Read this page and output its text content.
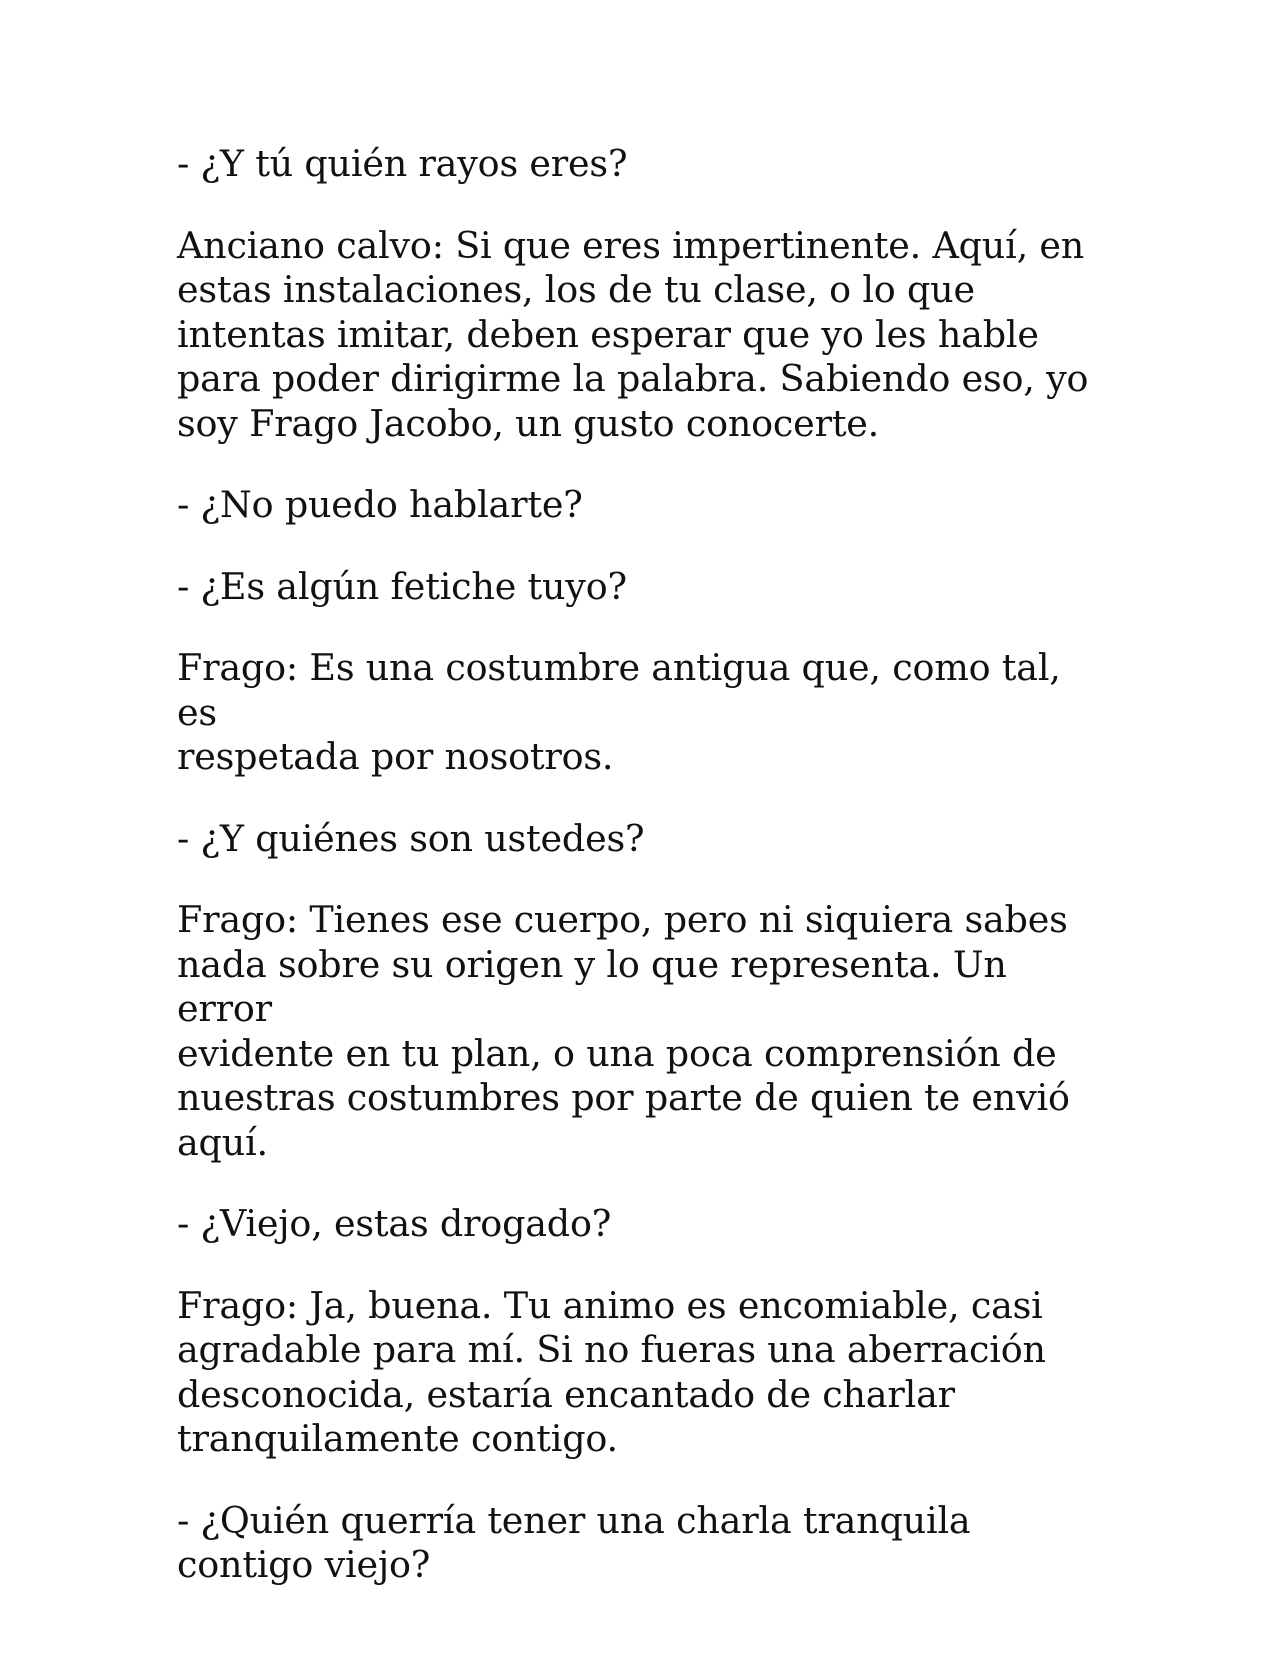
- ¿Y tú quién rayos eres?

Anciano calvo: Si que eres impertinente. Aquí, en
estas instalaciones, los de tu clase, o lo que
intentas imitar, deben esperar que yo les hable
para poder dirigirme la palabra. Sabiendo eso, yo
soy Frago Jacobo, un gusto conocerte.

- ¿No puedo hablarte?

- ¿Es algún fetiche tuyo?

Frago: Es una costumbre antigua que, como tal, es
respetada por nosotros.

- ¿Y quiénes son ustedes?

Frago: Tienes ese cuerpo, pero ni siquiera sabes
nada sobre su origen y lo que representa. Un error
evidente en tu plan, o una poca comprensión de
nuestras costumbres por parte de quien te envió
aquí.

- ¿Viejo, estas drogado?

Frago: Ja, buena. Tu animo es encomiable, casi
agradable para mí. Si no fueras una aberración
desconocida, estaría encantado de charlar
tranquilamente contigo.

- ¿Quién querría tener una charla tranquila
contigo viejo?
